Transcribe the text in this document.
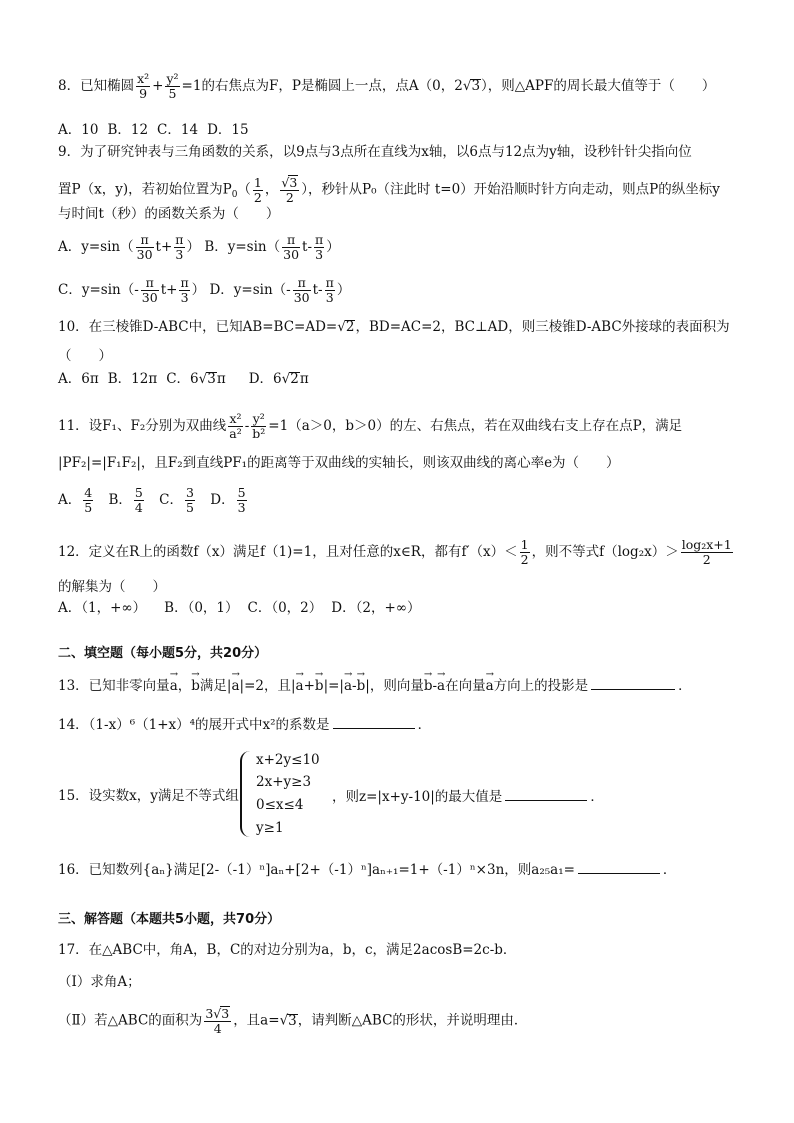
8．已知椭圆 $\frac{\text{x²}}{9} + \frac{\text{y²}}{5} =1$的右焦点为F，P是椭圆上一点，点A（0，2√3），则△APF的周长最大值等于（　　）
A．10 B．12 C．14 D．15
9．为了研究钟表与三角函数的关系，以9点与3点所在直线为x轴，以6点与12点为y轴，设秒针针尖指向位
置P（x，y)，若初始位置为$P_0( \frac{1}{2}$ ， $\frac{√3}{2}$ ），秒针从P₀（注此时 t=0）开始沿顺时针方向走动，则点P的纵坐标y
与时间t（秒）的函数关系为（　　）
A．$y=\sin( \frac{\pi}{30} t+ \frac{\pi}{3}$ ） B．$y=\sin( \frac{\pi}{30} t- \frac{\pi}{3}$ ）
C．$y=\sin(- \frac{\pi}{30} t+ \frac{\pi}{3}$ ） D．$y=\sin(- \frac{\pi}{30} t- \frac{\pi}{3}$ ）
10．在三棱锥D-ABC中，已知AB=BC=AD=√2，BD=AC=2，BC⊥AD，则三棱锥D-ABC外接球的表面积为
（　　）
A．6π B．12π C．6√3π D．6√2π
11．设F₁、F₂分别为双曲线 $\frac{\text{x²}}{\text{a²}} - \frac{\text{y²}}{\text{b²}} =1(a>0$，b＞0）的左、右焦点，若在双曲线右支上存在点P，满足
|PF₂|=|F₁F₂|，且F₂到直线PF₁的距离等于双曲线的实轴长，则该双曲线的离心率e为（　　）
A． $\frac{4}{5}$ B． $\frac{5}{4}$ C． $\frac{3}{5}$ D． $\frac{5}{3}$
12．定义在R上的函数f（x）满足f（1)=1，且对任意的x∈R，都有$f'(x)< \frac{1}{2}$ ，则不等式$f(\log_2x)> \frac{\text{log₂x+1}}{2}$
的解集为（　　）
A．（1，+∞） B．（0，1） C．（0，2） D．（2，+∞）
二、填空题（每小题5分，共20分）
13．已知非零向量→ a，→ b满足|→ a|=2，且|→ a+→ b|=|→ a-→ b|，则向量→ b-→ a在向量→ a方向上的投影是	．
14．（1-x）⁶（1+x）⁴的展开式中x²的系数是	．
15．设实数x，y满足不等式组
x+2y≤10
2x+y≥3
0≤x≤4
y≥1
，则z=|x+y-10|的最大值是	．
16．已知数列{aₙ}满足[2-（-1）ⁿ]aₙ+[2+（-1）ⁿ]aₙ₊₁=1+（-1）ⁿ×3n，则a₂₅a₁=	．
三、解答题（本题共5小题，共70分）
17．在△ABC中，角A，B，C的对边分别为a，b，c，满足2acosB=2c-b．
（Ⅰ）求角A；
（Ⅱ）若△ABC的面积为 $\frac{3√3}{4}$ ，且a=√3，请判断△ABC的形状，并说明理由．
